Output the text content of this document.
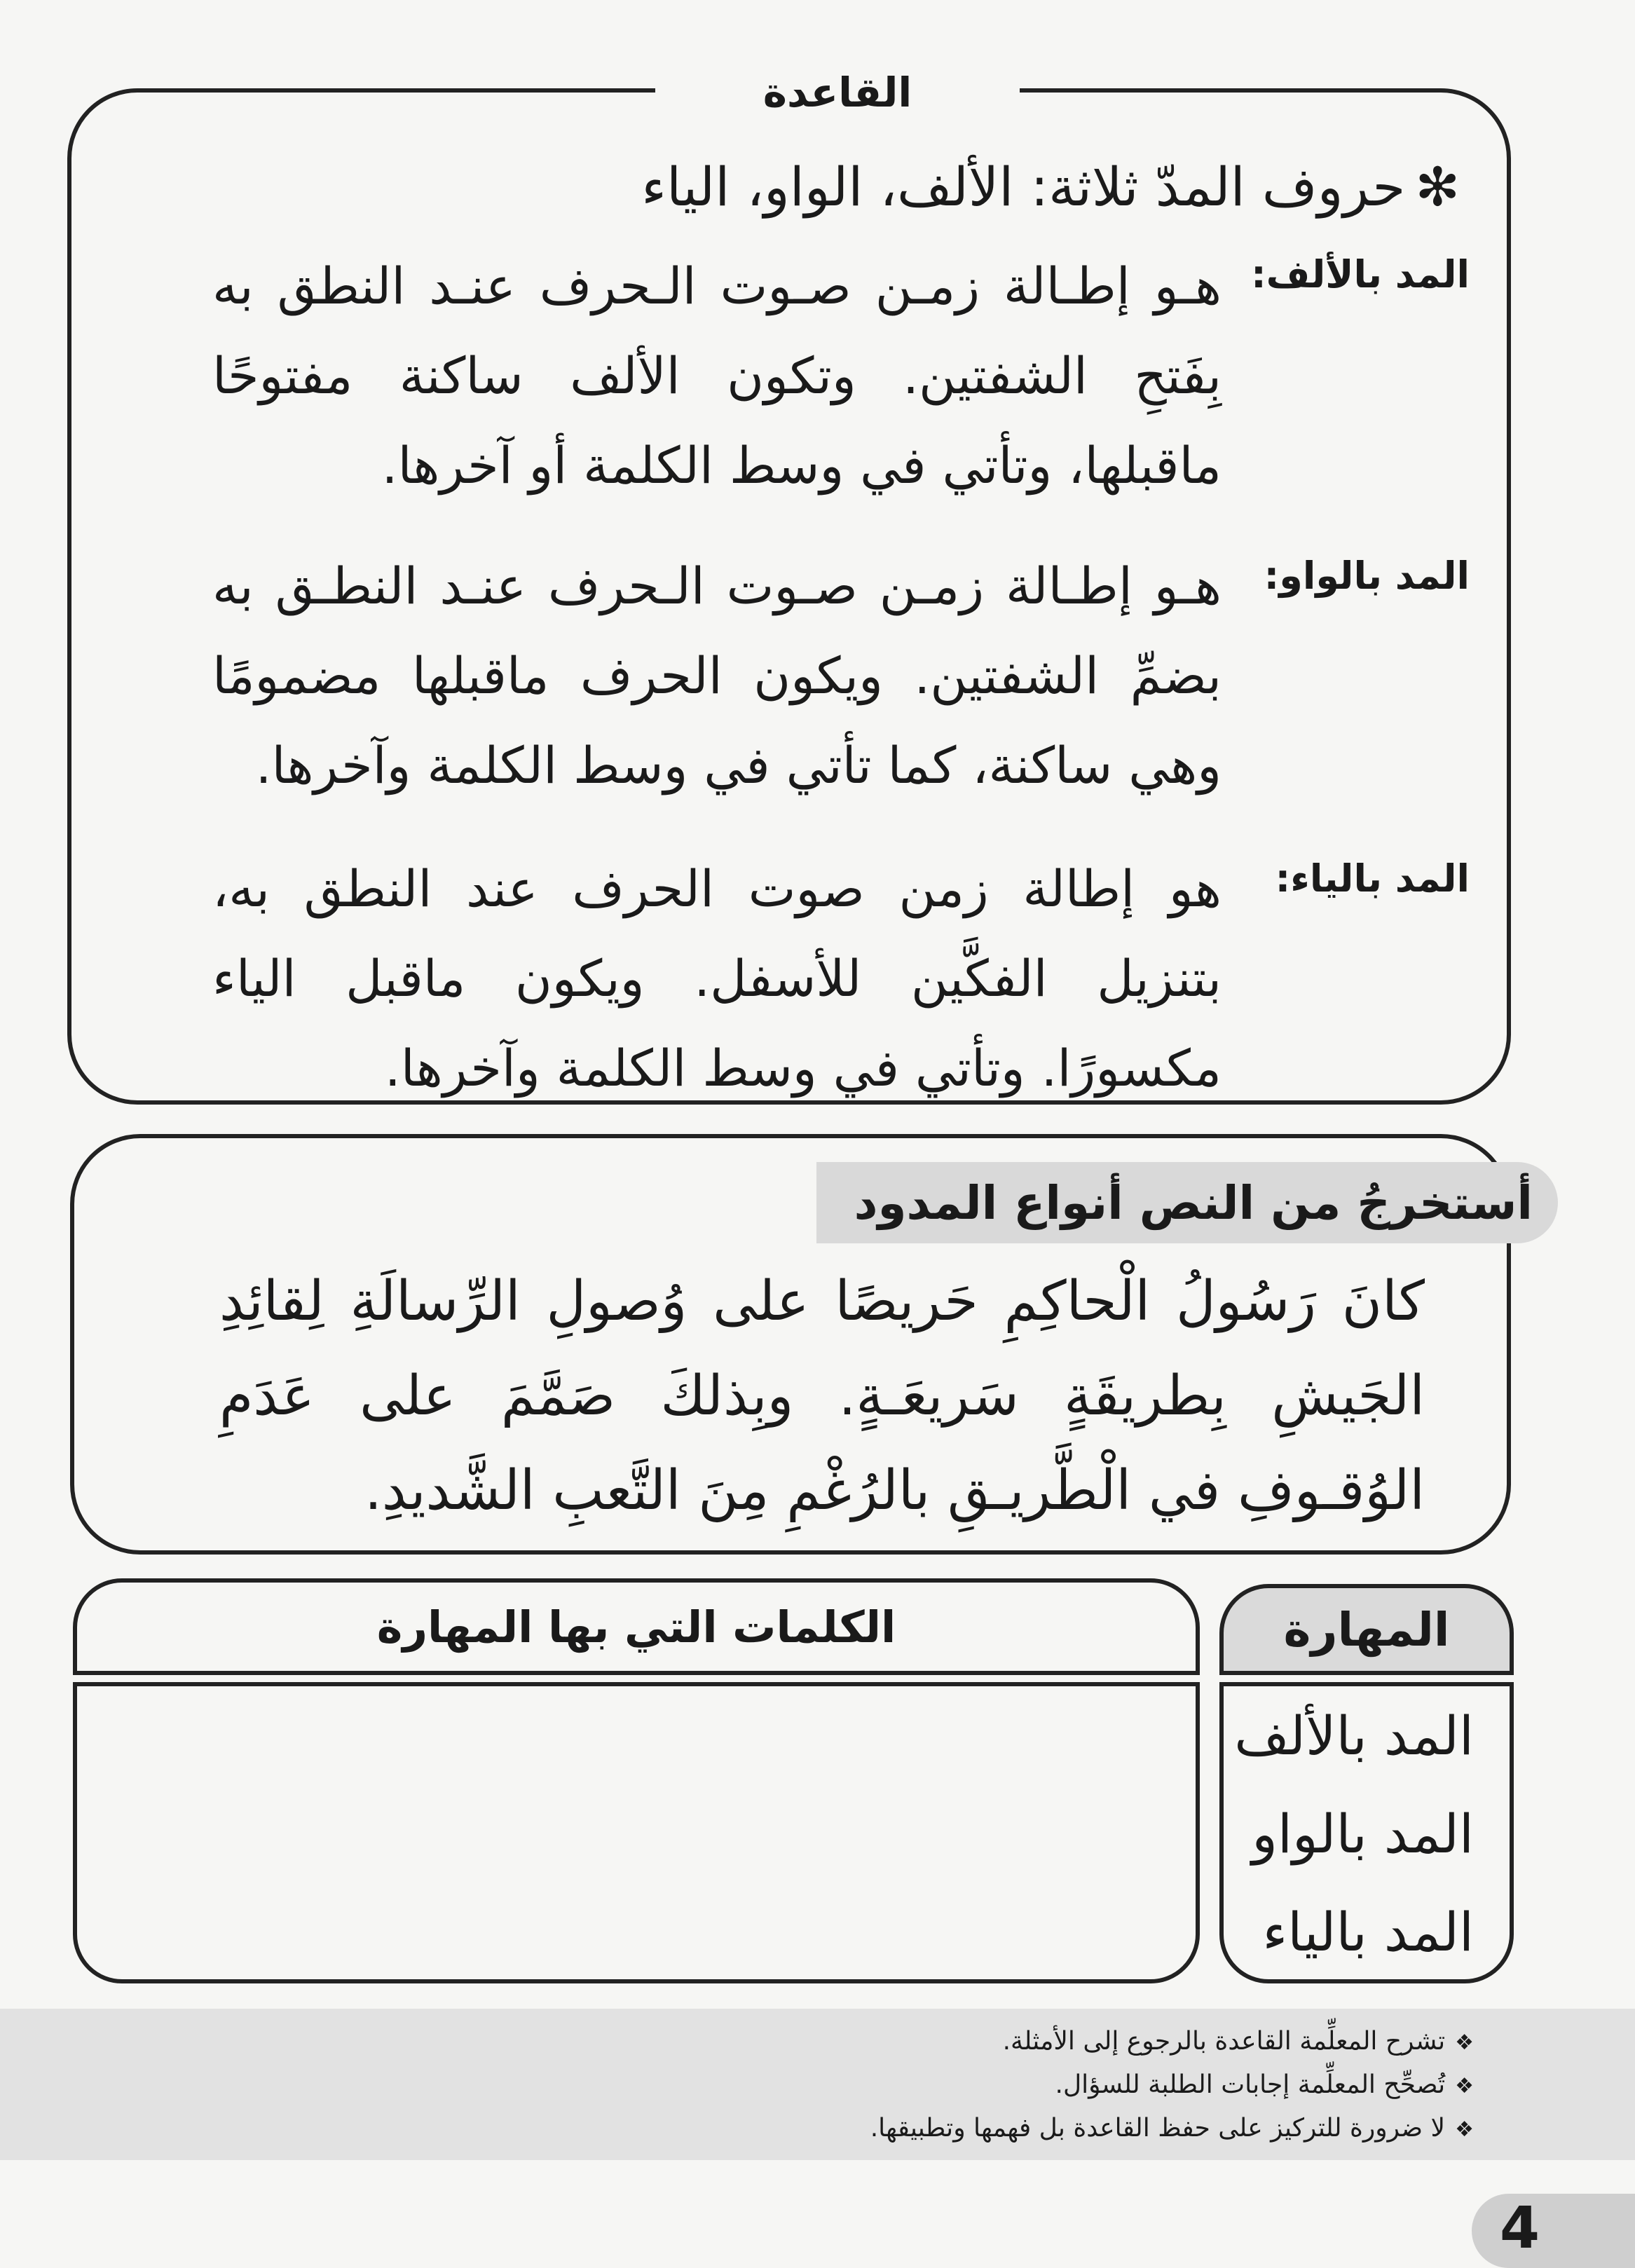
القاعدة
✻حروف المدّ ثلاثة: الألف، الواو، الياء
المد بالألف:
هـو إطـالة زمـن صـوت الـحرف عنـد النطق به بِفَتحِ الشفتين. وتكون الألف ساكنة مفتوحًا ماقبلها، وتأتي في وسط الكلمة أو آخرها.
المد بالواو:
هـو إطـالة زمـن صـوت الـحرف عنـد النطـق به بضمِّ الشفتين. ويكون الحرف ماقبلها مضمومًا وهي ساكنة، كما تأتي في وسط الكلمة وآخرها.
المد بالياء:
هو إطالة زمن صوت الحرف عند النطق به، بتنزيل الفكَّين للأسفل. ويكون ماقبل الياء مكسورًا. وتأتي في وسط الكلمة وآخرها.
أستخرجُ من النص أنواع المدود
كانَ رَسُولُ الْحاكِمِ حَريصًا على وُصولِ الرِّسالَةِ لِقائِدِ الجَيشِ بِطريقَةٍ سَريعَـةٍ. وبِذلكَ صَمَّمَ على عَدَمِ الوُقـوفِ في الْطَّريـقِ بالرُغْمِ مِنَ التَّعبِ الشَّديدِ.
المهارة
الكلمات التي بها المهارة
المد بالألف
المد بالواو
المد بالياء
❖تشرح المعلِّمة القاعدة بالرجوع إلى الأمثلة.
❖تُصحِّح المعلِّمة إجابات الطلبة للسؤال.
❖لا ضرورة للتركيز على حفظ القاعدة بل فهمها وتطبيقها.
4
